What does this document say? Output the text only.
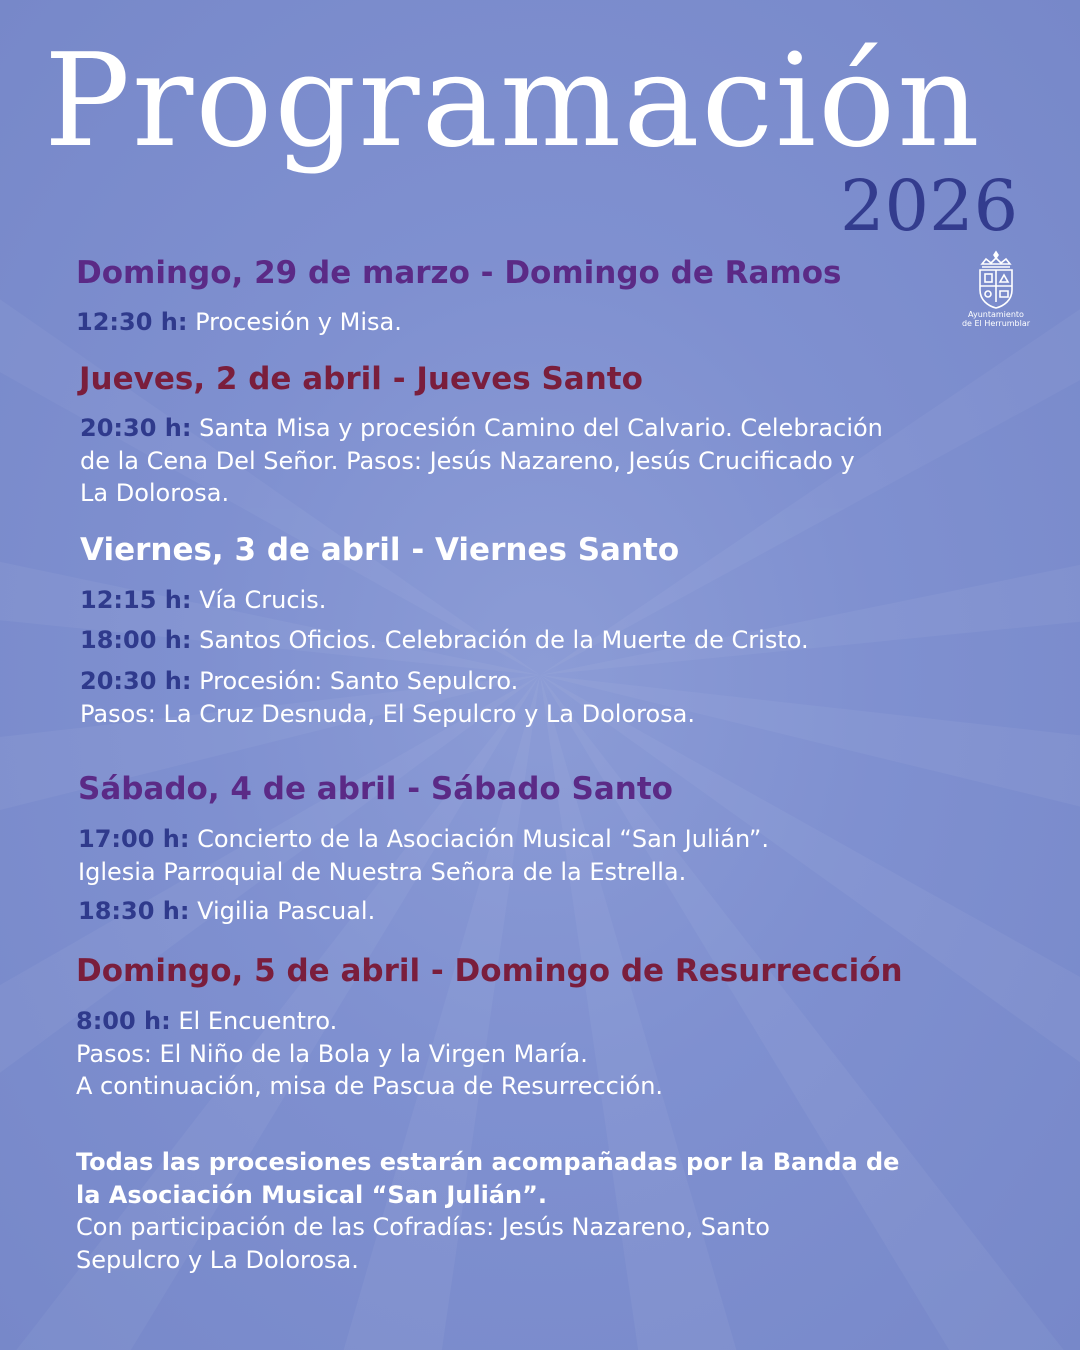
Programación
2026
Ayuntamiento
de El Herrumblar
Domingo, 29 de marzo - Domingo de Ramos
12:30 h: Procesión y Misa.
Jueves, 2 de abril - Jueves Santo
20:30 h: Santa Misa y procesión Camino del Calvario. Celebración
de la Cena Del Señor. Pasos: Jesús Nazareno, Jesús Crucificado y
La Dolorosa.
Viernes, 3 de abril - Viernes Santo
12:15 h: Vía Crucis.
18:00 h: Santos Oficios. Celebración de la Muerte de Cristo.
20:30 h: Procesión: Santo Sepulcro.
Pasos: La Cruz Desnuda, El Sepulcro y La Dolorosa.
Sábado, 4 de abril - Sábado Santo
17:00 h: Concierto de la Asociación Musical “San Julián”.
Iglesia Parroquial de Nuestra Señora de la Estrella.
18:30 h: Vigilia Pascual.
Domingo, 5 de abril - Domingo de Resurrección
8:00 h: El Encuentro.
Pasos: El Niño de la Bola y la Virgen María.
A continuación, misa de Pascua de Resurrección.
Todas las procesiones estarán acompañadas por la Banda de
la Asociación Musical “San Julián”.
Con participación de las Cofradías: Jesús Nazareno, Santo
Sepulcro y La Dolorosa.
